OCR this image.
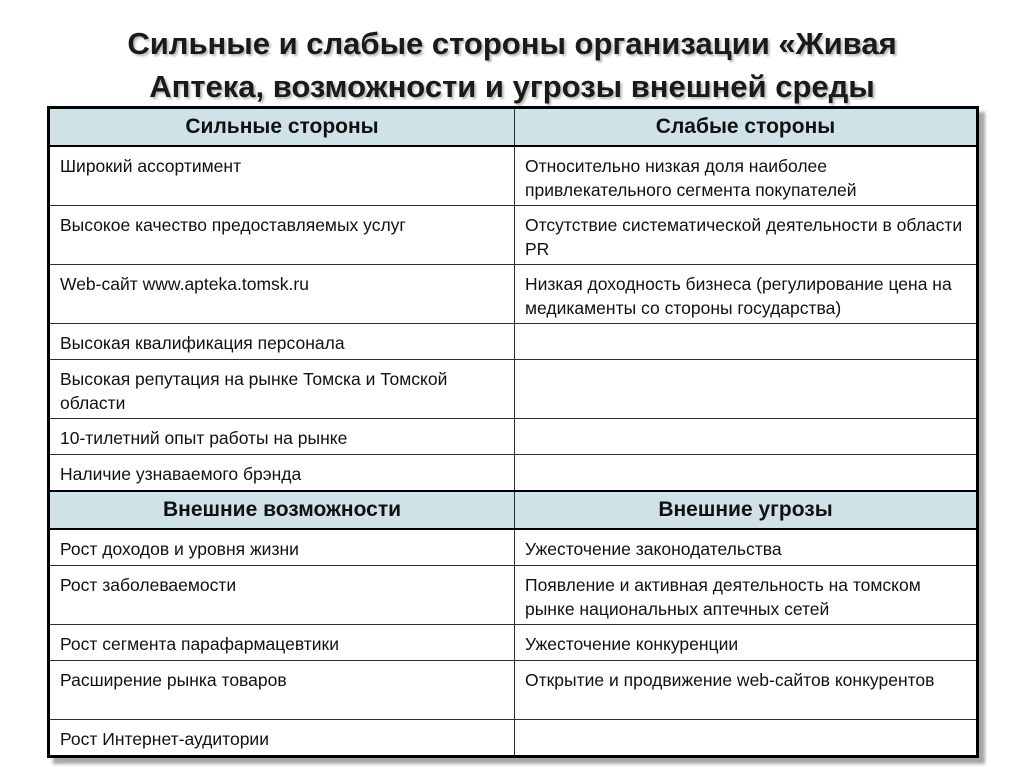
Сильные и слабые стороны организации «Живая
Аптека, возможности и угрозы внешней среды
Сильные стороны	Слабые стороны
Широкий ассортимент	Относительно низкая доля наиболее привлекательного сегмента покупателей
Высокое качество предоставляемых услуг	Отсутствие систематической деятельности в области PR
Web-сайт www.apteka.tomsk.ru	Низкая доходность бизнеса (регулирование цена на медикаменты со стороны государства)
Высокая квалификация персонала	
Высокая репутация на рынке Томска и Томской области	
10-тилетний опыт работы на рынке	
Наличие узнаваемого брэнда	
Внешние возможности	Внешние угрозы
Рост доходов и уровня жизни	Ужесточение законодательства
Рост заболеваемости	Появление и активная деятельность на томском рынке национальных аптечных сетей
Рост сегмента парафармацевтики	Ужесточение конкуренции
Расширение рынка товаров	Открытие и продвижение web-сайтов конкурентов
Рост Интернет-аудитории	
